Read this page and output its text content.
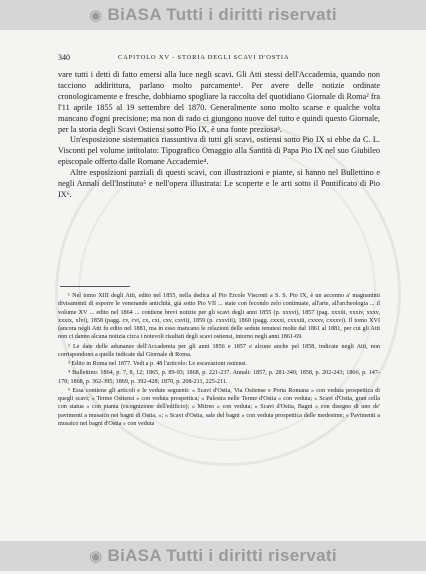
◉ BiASA Tutti i diritti riservati
340	CAPITOLO XV - STORIA DEGLI SCAVI D'OSTIA

vare tutti i detti di fatto emersi alla luce negli scavi. Gli Atti stessi dell'Accademia, quando non tacciono addirittura, parlano molto parcamente¹. Per avere delle notizie ordinate cronologicamente e fresche, dobbiamo spogliare la raccolta del quotidiano Giornale di Roma² fra l'11 aprile 1855 al 19 settembre del 1870. Generalmente sono molto scarse e qualche volta mancano d'ogni precisione; ma non di rado ci giungono nuove del tutto e quindi questo Giornale, per la storia degli Scavi Ostiensi sotto Pio IX, è una fonte preziosa³.

Un'esposizione sistematica riassuntiva di tutti gli scavi, ostiensi sotto Pio IX si ebbe da C. L. Visconti pel volume intitolato: Tipografico Omaggio alla Santità di Papa Pio IX nel suo Giubileo episcopale offerto dalle Romane Accademie⁴.

Altre esposizioni parziali di questi scavi, con illustrazioni e piante, si hanno nel Bullettino e negli Annali dell'Instituto⁵ e nell'opera illustrata: Le scoperte e le arti sotto il Pontificato di Pio IX⁶.

¹ Nel tomo XIII degli Atti, edito nel 1855, nella dedica al Pio Ercole Visconti a S. S. Pio IX, è un accenno a' magnanimi divisamenti di esporre le venerande antichità, già sotto Pio VII ... state con fecondo zelo continuate, all'arte, all'archeologia ... il volume XV ... edito nel 1864 ... contiene brevi notizie per gli scavi degli anni 1855 (p. xxxvi), 1857 (pag. xxxiii, xxxiv, xxxv, xxxix, xlvi), 1858 (pagg. cv, cvi, cx, cxi, cxv, cxvii), 1859 (p. cxxviii), 1860 (pagg. cxxxi, cxxxiii, cxxxv, cxxxvi). Il tomo XVI (ancora negli Atti fu edito nel 1881, ma in esso mancano le relazioni delle sedute tenutesi molte dal 1861 al 1881, per cui gli Atti non ci danno alcuna notizia circa i notevoli risultati degli scavi ostiensi, intorno negli anni 1861-69.

² Le date delle adunanze dell'Accademia per gli anni 1856 e 1857 e alcune anche pel 1858, indicate negli Atti, non corrispondono a quelle indicate dal Giornale di Roma.

³ Edito in Roma nel 1877. Vedi a p. 48 l'articolo: Le escavazioni ostiensi.

⁴ Bullettino: 1864, p. 7, 8, 12; 1865, p. 89-93; 1868, p. 221-237. Annali: 1857, p. 281-340; 1858, p. 202-243; 1866, p. 147-178; 1868, p. 362-395; 1869, p. 392-428; 1870, p. 208-211, 225-211.

⁵ Essa contiene gli articoli e le vedute seguenti: « Scavi d'Ostia, Via Ostiense e Porta Romana » con veduta prospettica di quegli scavi; « Terme Ostiensi » con veduta prospettica; « Palestra nelle Terme d'Ostia » con veduta; « Scavi d'Ostia, gran cella con statua » con pianta (ricognizione dell'edificio); « Mitreo » con veduta; « Scavi d'Ostia, Bagni » con disegno di uno de' pavimenti a musaico nei bagni di Ostia, »; « Scavi d'Ostia, sale del bagni » con veduta prospettica delle medesime; « Pavimenti a musaico nei bagni d'Ostia » con veduta

◉ BiASA Tutti i diritti riservati
